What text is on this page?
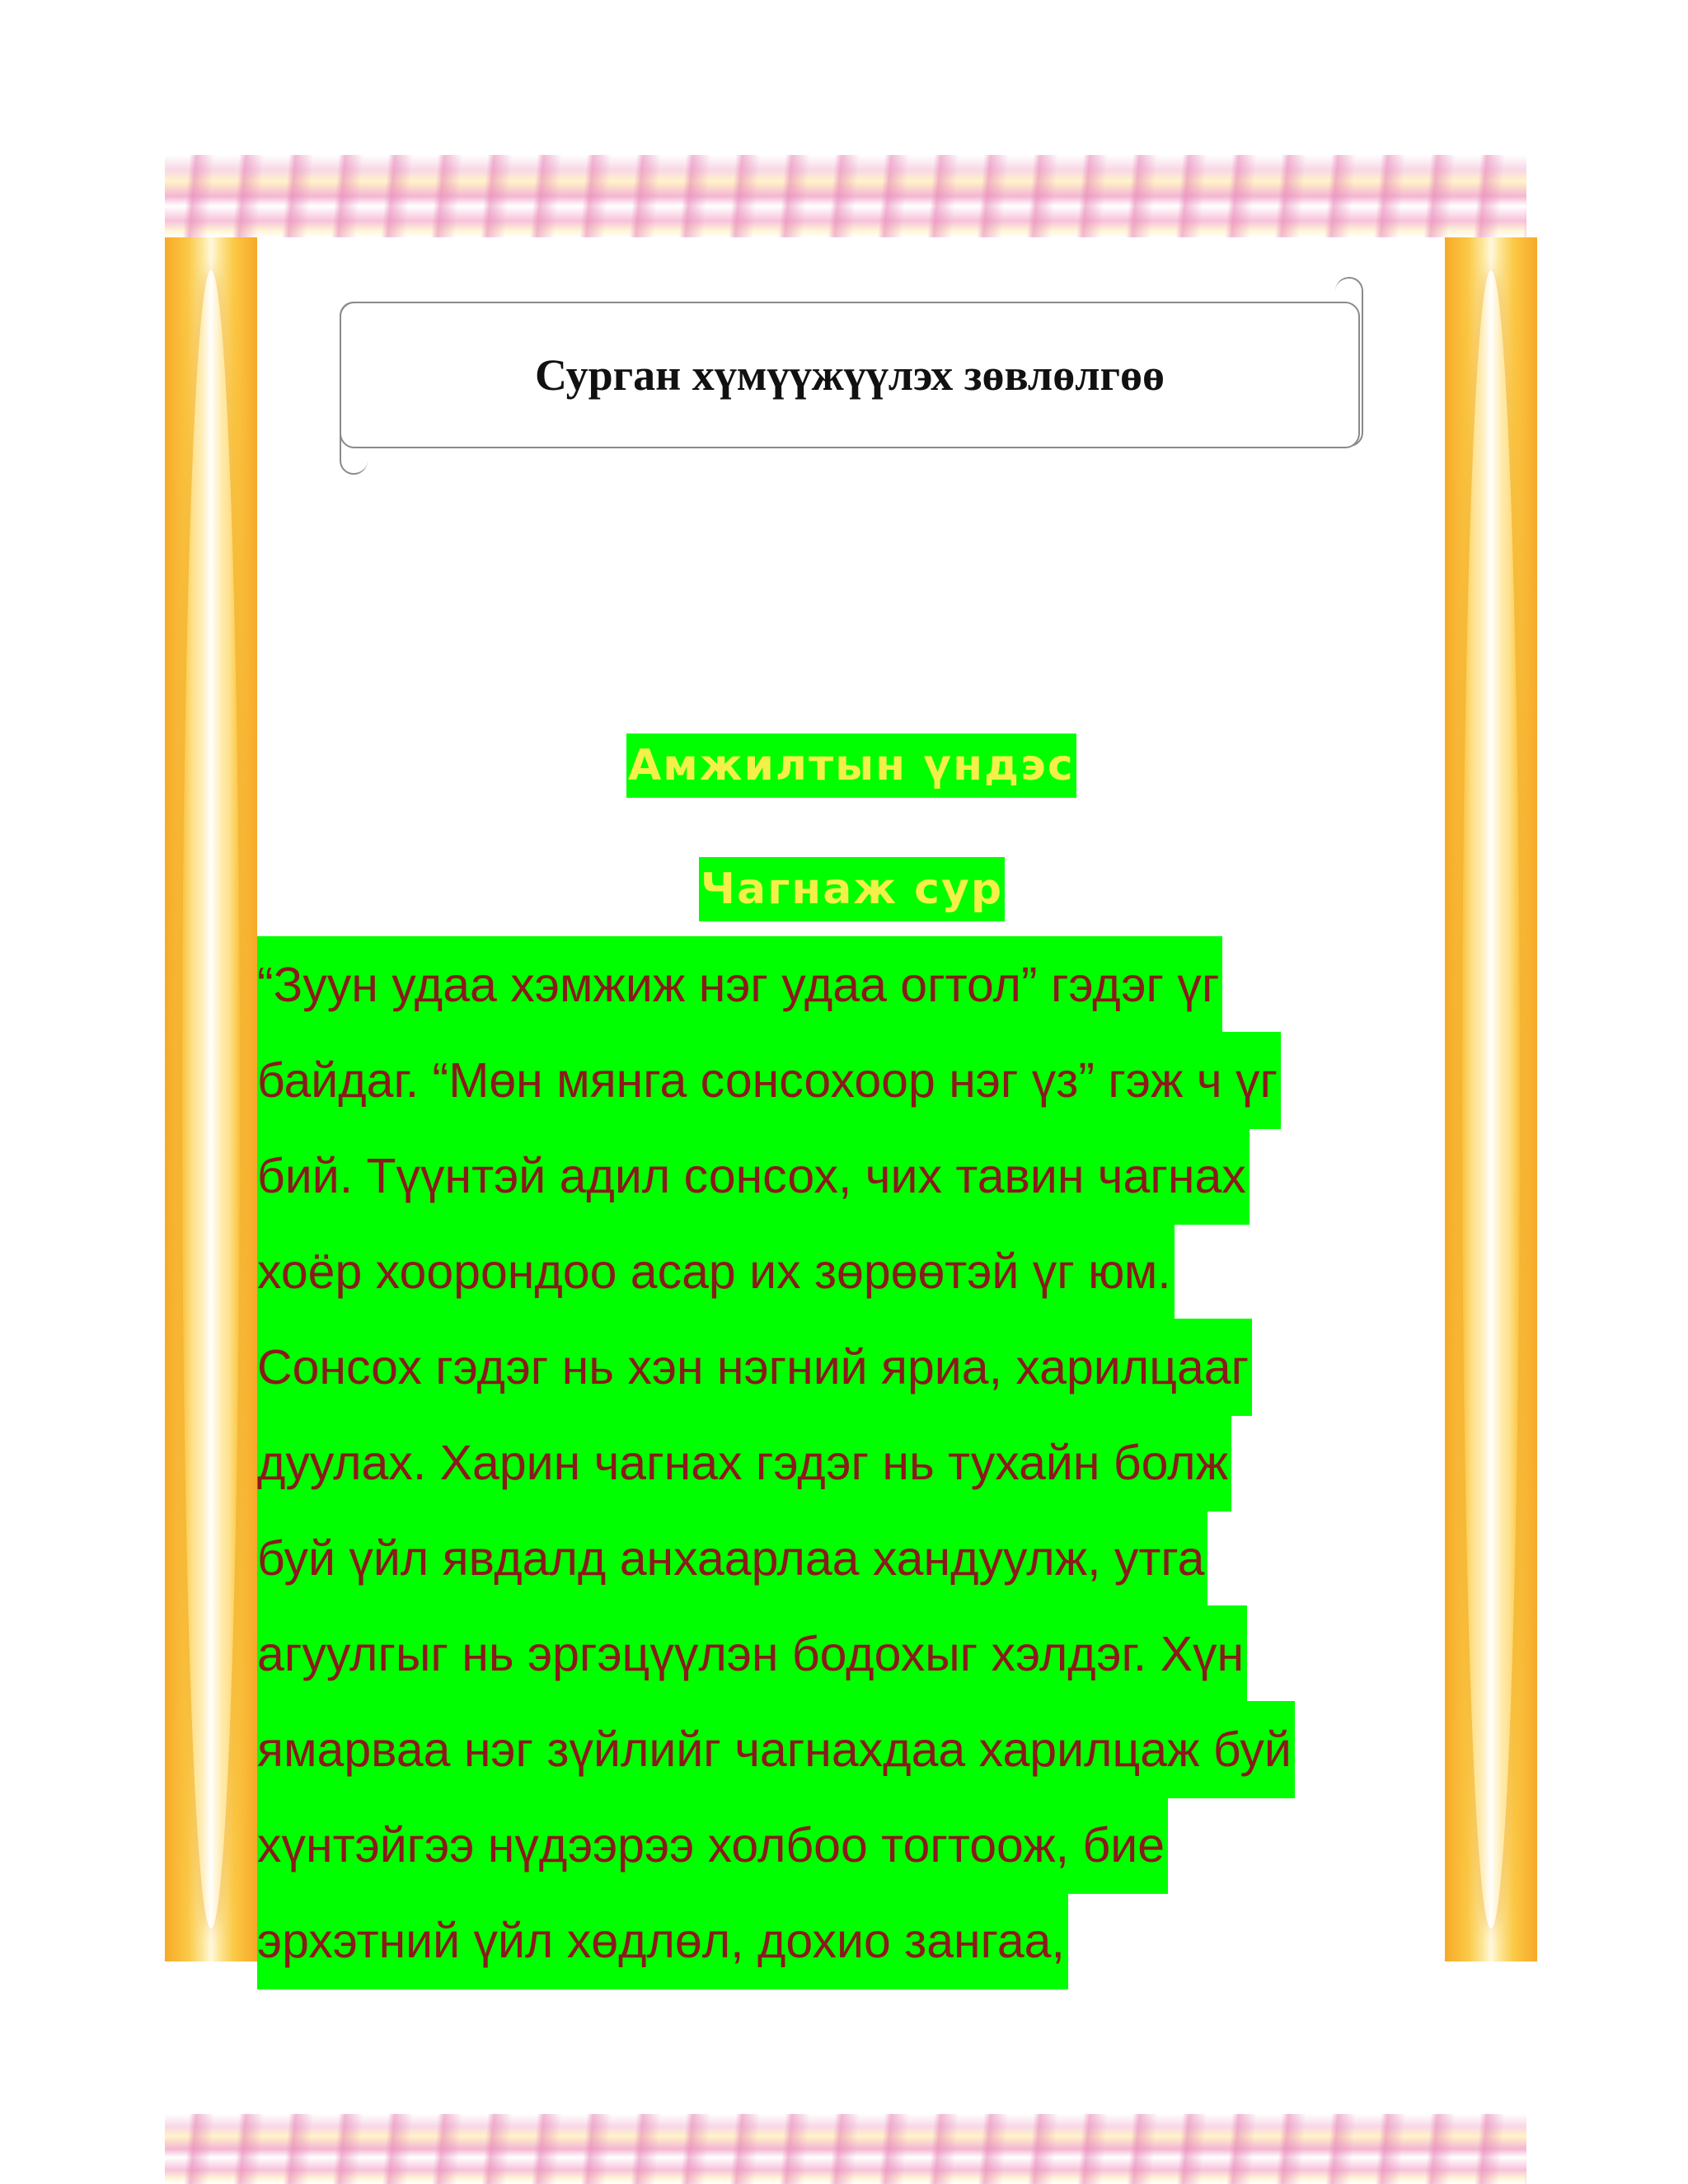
Сурган хүмүүжүүлэх зөвлөлгөө
Амжилтын үндэс
Чагнаж сур
“Зуун удаа хэмжиж нэг удаа огтол” гэдэг үг
байдаг. “Мөн мянга сонсохоор нэг үз” гэж ч үг
бий. Түүнтэй адил сонсох, чих тавин чагнах
хоёр хоорондоо асар их зөрөөтэй үг юм.
Сонсох гэдэг нь хэн нэгний яриа, харилцааг
дуулах. Харин чагнах гэдэг нь тухайн болж
буй үйл явдалд анхаарлаа хандуулж, утга
агуулгыг нь эргэцүүлэн бодохыг хэлдэг. Хүн
ямарваа нэг зүйлийг чагнахдаа харилцаж буй
хүнтэйгээ нүдээрээ холбоо тогтоож, бие
эрхэтний үйл хөдлөл, дохио зангаа,
